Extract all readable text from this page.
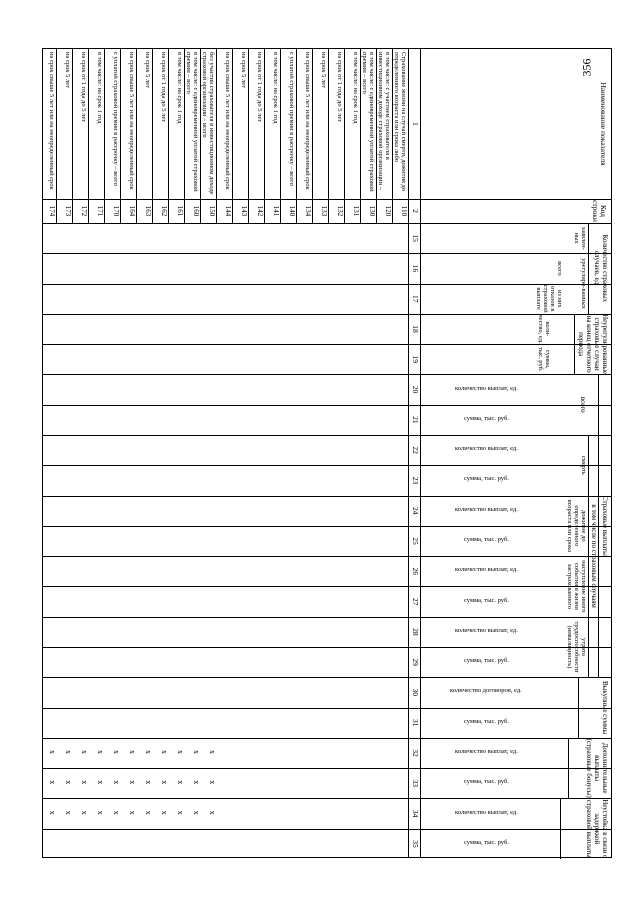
Наименование показателя
Код строки
Количество страховых случаев, ед.
Неурегулированные страховые случаи на конец отчетного периода
Страховые выплаты
в том числе по страховым случаям
всего
Выкупные суммы
Дополнительные выплаты (страховые бонусы)
Неустойка в связи с задержкой страховой выплаты
смерть
дожитие до определенного возраста или срока
наступление иного события в жизни застрахованного
утрата трудоспособности (инвалидность)
заявлен-ных
урегулиро-ванных
всего
из них отказов в страховой выплате
коли-чество, ед.
сумма, тыс. руб.
количество выплат, ед.
сумма, тыс. руб.
количество выплат, ед.
сумма, тыс. руб.
количество выплат, ед.
сумма, тыс. руб.
количество выплат, ед.
сумма, тыс. руб.
количество выплат, ед.
сумма, тыс. руб.
количество договоров, ед.
сумма, тыс. руб.
количество выплат, ед.
сумма, тыс. руб.
количество выплат, ед.
сумма, тыс. руб.
1
2
15
16
17
18
19
20
21
22
23
24
25
26
27
28
29
30
31
32
33
34
35
Страхование жизни на случай смерти, дожития до определенного возраста или срока либо
110
в том числе: с участием страхователя в инвестиционном доходе страховой организации –
120
в том числе: с единовременной уплатой страховой премии – всего
130
в том числе: на срок 1 год
131
на срок от 1 года до 5 лет
132
на срок 5 лет
133
на срок свыше 5 лет или на неопределенный срок
134
с уплатой страховой премии в рассрочку – всего
140
в том числе: на срок 1 год
141
на срок от 1 года до 5 лет
142
на срок 5 лет
143
на срок свыше 5 лет или на неопределенный срок
144
без участия страхователя в инвестиционном доходе страховой организации – всего
150
x
x
x
в том числе: с единовременной уплатой страховой премии – всего
160
x
x
x
в том числе: на срок 1 год
161
x
x
x
на срок от 1 года до 5 лет
162
x
x
x
на срок 5 лет
163
x
x
x
на срок свыше 5 лет или на неопределенный срок
164
x
x
x
с уплатой страховой премии в рассрочку – всего
170
x
x
x
в том числе: на срок 1 год
171
x
x
x
на срок от 1 года до 5 лет
172
x
x
x
на срок 5 лет
173
x
x
x
на срок свыше 5 лет или на неопределенный срок
174
x
x
x
356
